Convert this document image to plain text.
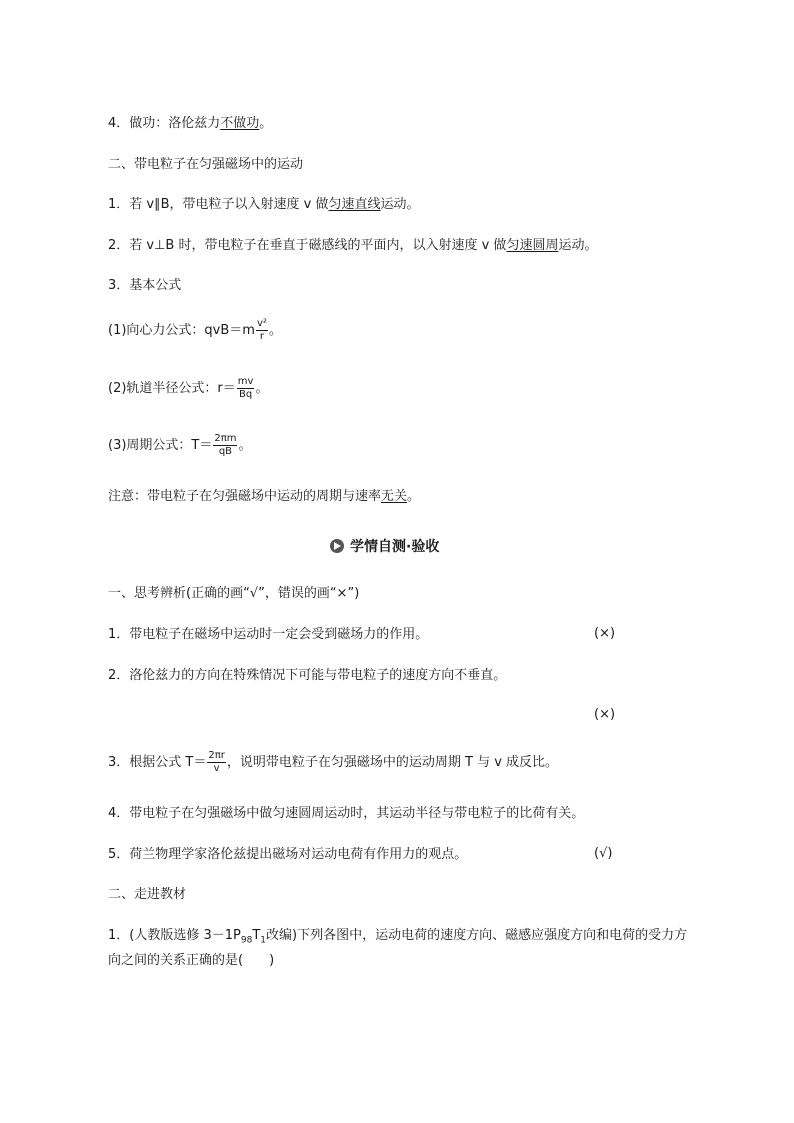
4．做功：洛伦兹力不做功。
二、带电粒子在匀强磁场中的运动
1．若 v∥B，带电粒子以入射速度 v 做匀速直线运动。
2．若 v⊥B 时，带电粒子在垂直于磁感线的平面内，以入射速度 v 做匀速圆周运动。
3．基本公式
(1)向心力公式：$qvB=m \frac{\text{v²}}{r}$ 。
(2)轨道半径公式：$r= \frac{mv}{Bq}$ 。
(3)周期公式：$T= \frac{2\pi m}{qB}$ 。
注意：带电粒子在匀强磁场中运动的周期与速率无关。
学情自测·验收
一、思考辨析(正确的画“√”，错误的画“×”)
1．带电粒子在磁场中运动时一定会受到磁场力的作用。	(×)
2．洛伦兹力的方向在特殊情况下可能与带电粒子的速度方向不垂直。
(×)
3．根据公式 $T= \frac{2\pi r}{v}$ ，说明带电粒子在匀强磁场中的运动周期 T 与 v 成反比。
4．带电粒子在匀强磁场中做匀速圆周运动时，其运动半径与带电粒子的比荷有关。
5．荷兰物理学家洛伦兹提出磁场对运动电荷有作用力的观点。	(√)
二、走进教材
1．(人教版选修 $3-1P_{98}T_1$改编)下列各图中，运动电荷的速度方向、磁感应强度方向和电荷的受力方
向之间的关系正确的是(　　)
